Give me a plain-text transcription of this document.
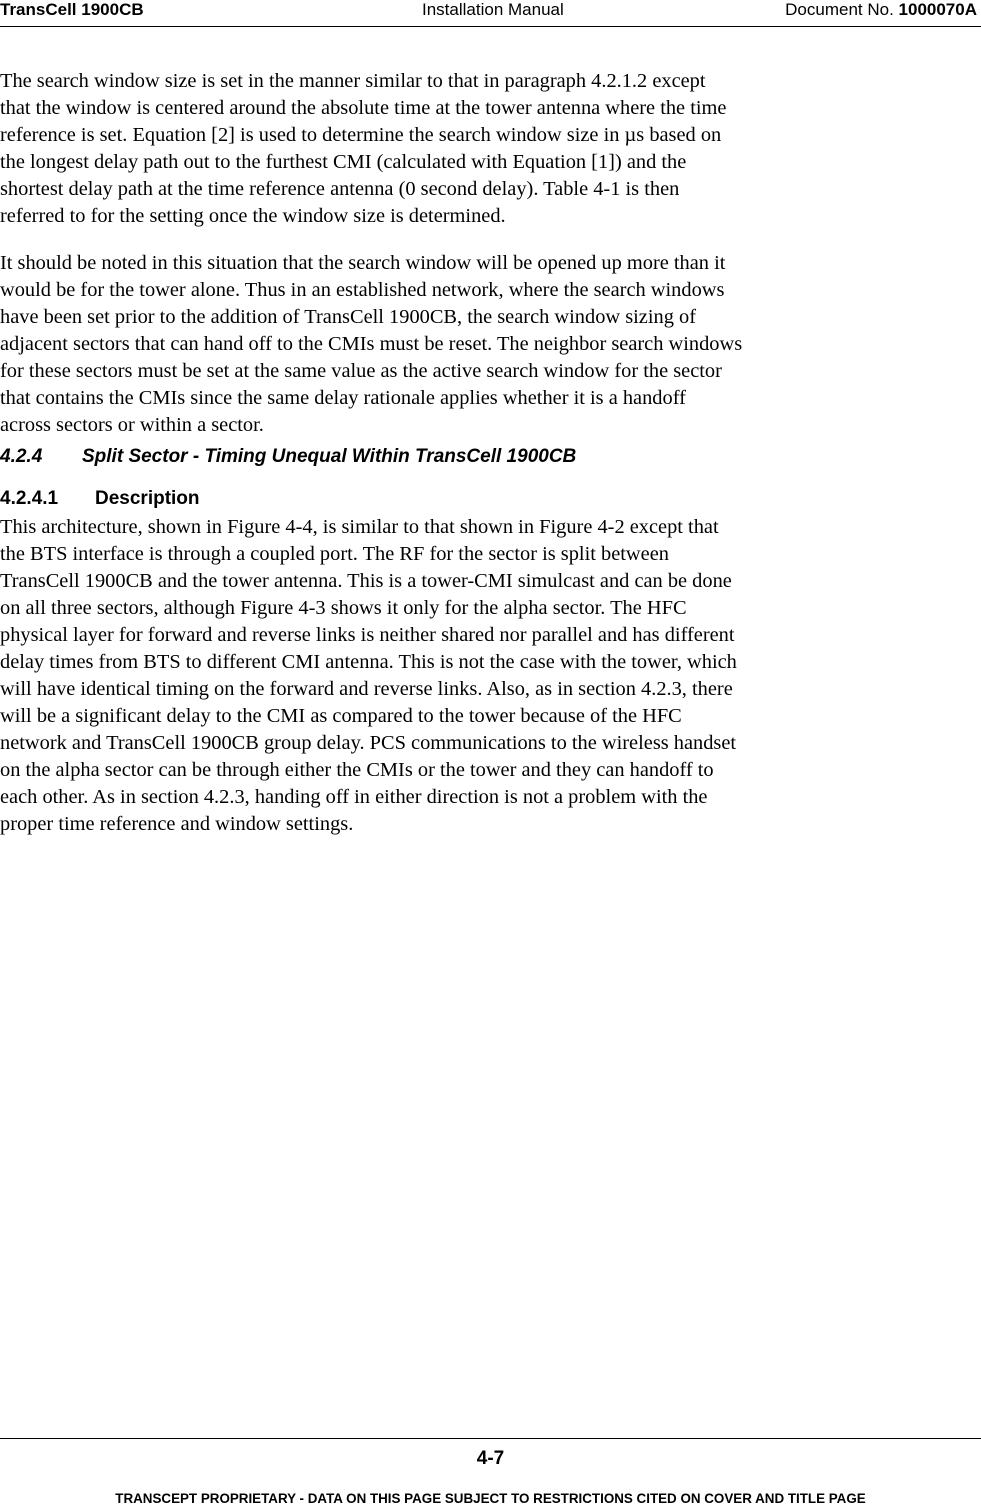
TransCell 1900CB	Installation Manual	Document No. 1000070A

The search window size is set in the manner similar to that in paragraph 4.2.1.2 except
that the window is centered around the absolute time at the tower antenna where the time
reference is set. Equation [2] is used to determine the search window size in µs based on
the longest delay path out to the furthest CMI (calculated with Equation [1]) and the
shortest delay path at the time reference antenna (0 second delay). Table 4-1 is then
referred to for the setting once the window size is determined.

It should be noted in this situation that the search window will be opened up more than it
would be for the tower alone. Thus in an established network, where the search windows
have been set prior to the addition of TransCell 1900CB, the search window sizing of
adjacent sectors that can hand off to the CMIs must be reset. The neighbor search windows
for these sectors must be set at the same value as the active search window for the sector
that contains the CMIs since the same delay rationale applies whether it is a handoff
across sectors or within a sector.

4.2.4 Split Sector - Timing Unequal Within TransCell 1900CB
4.2.4.1 Description

This architecture, shown in Figure 4-4, is similar to that shown in Figure 4-2 except that
the BTS interface is through a coupled port. The RF for the sector is split between
TransCell 1900CB and the tower antenna. This is a tower-CMI simulcast and can be done
on all three sectors, although Figure 4-3 shows it only for the alpha sector. The HFC
physical layer for forward and reverse links is neither shared nor parallel and has different
delay times from BTS to different CMI antenna. This is not the case with the tower, which
will have identical timing on the forward and reverse links. Also, as in section 4.2.3, there
will be a significant delay to the CMI as compared to the tower because of the HFC
network and TransCell 1900CB group delay. PCS communications to the wireless handset
on the alpha sector can be through either the CMIs or the tower and they can handoff to
each other. As in section 4.2.3, handing off in either direction is not a problem with the
proper time reference and window settings.

4-7
TRANSCEPT PROPRIETARY - DATA ON THIS PAGE SUBJECT TO RESTRICTIONS CITED ON COVER AND TITLE PAGE
